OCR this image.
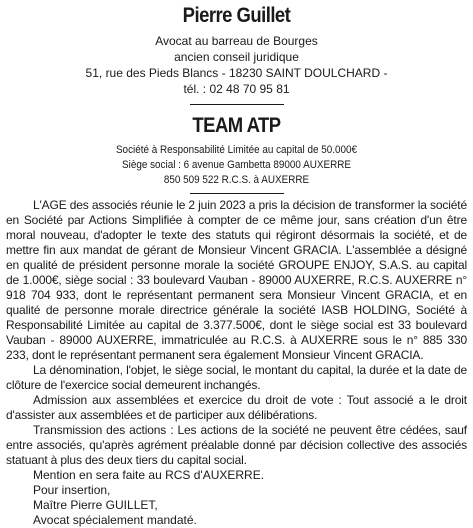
Pierre Guillet
Avocat au barreau de Bourges
ancien conseil juridique
51, rue des Pieds Blancs - 18230 SAINT DOULCHARD -
tél. : 02 48 70 95 81
TEAM ATP
Société à Responsabilité Limitée au capital de 50.000€
Siège social : 6 avenue Gambetta 89000 AUXERRE
850 509 522 R.C.S. à AUXERRE

L'AGE des associés réunie le 2 juin 2023 a pris la décision de transformer la société en Société par Actions Simplifiée à compter de ce même jour, sans création d'un être moral nouveau, d'adopter le texte des statuts qui régiront désormais la société, et de mettre fin aux mandat de gérant de Monsieur Vincent GRACIA. L'assemblée a désigné en qualité de président personne morale la société GROUPE ENJOY, S.A.S. au capital de 1.000€, siège social : 33 boulevard Vauban - 89000 AUXERRE, R.C.S. AUXERRE n° 918 704 933, dont le représentant permanent sera Monsieur Vincent GRACIA, et en qualité de personne morale directrice générale la société IASB HOLDING, Société à Responsabilité Limitée au capital de 3.377.500€, dont le siège social est 33 boulevard Vauban - 89000 AUXERRE, immatriculée au R.C.S. à AUXERRE sous le n° 885 330 233, dont le représentant permanent sera également Monsieur Vincent GRACIA.

La dénomination, l'objet, le siège social, le montant du capital, la durée et la date de clôture de l'exercice social demeurent inchangés.

Admission aux assemblées et exercice du droit de vote : Tout associé a le droit d'assister aux assemblées et de participer aux délibérations.

Transmission des actions : Les actions de la société ne peuvent être cédées, sauf entre associés, qu'après agrément préalable donné par décision collective des associés statuant à plus des deux tiers du capital social.

Mention en sera faite au RCS d'AUXERRE.

Pour insertion,

Maître Pierre GUILLET,

Avocat spécialement mandaté.
